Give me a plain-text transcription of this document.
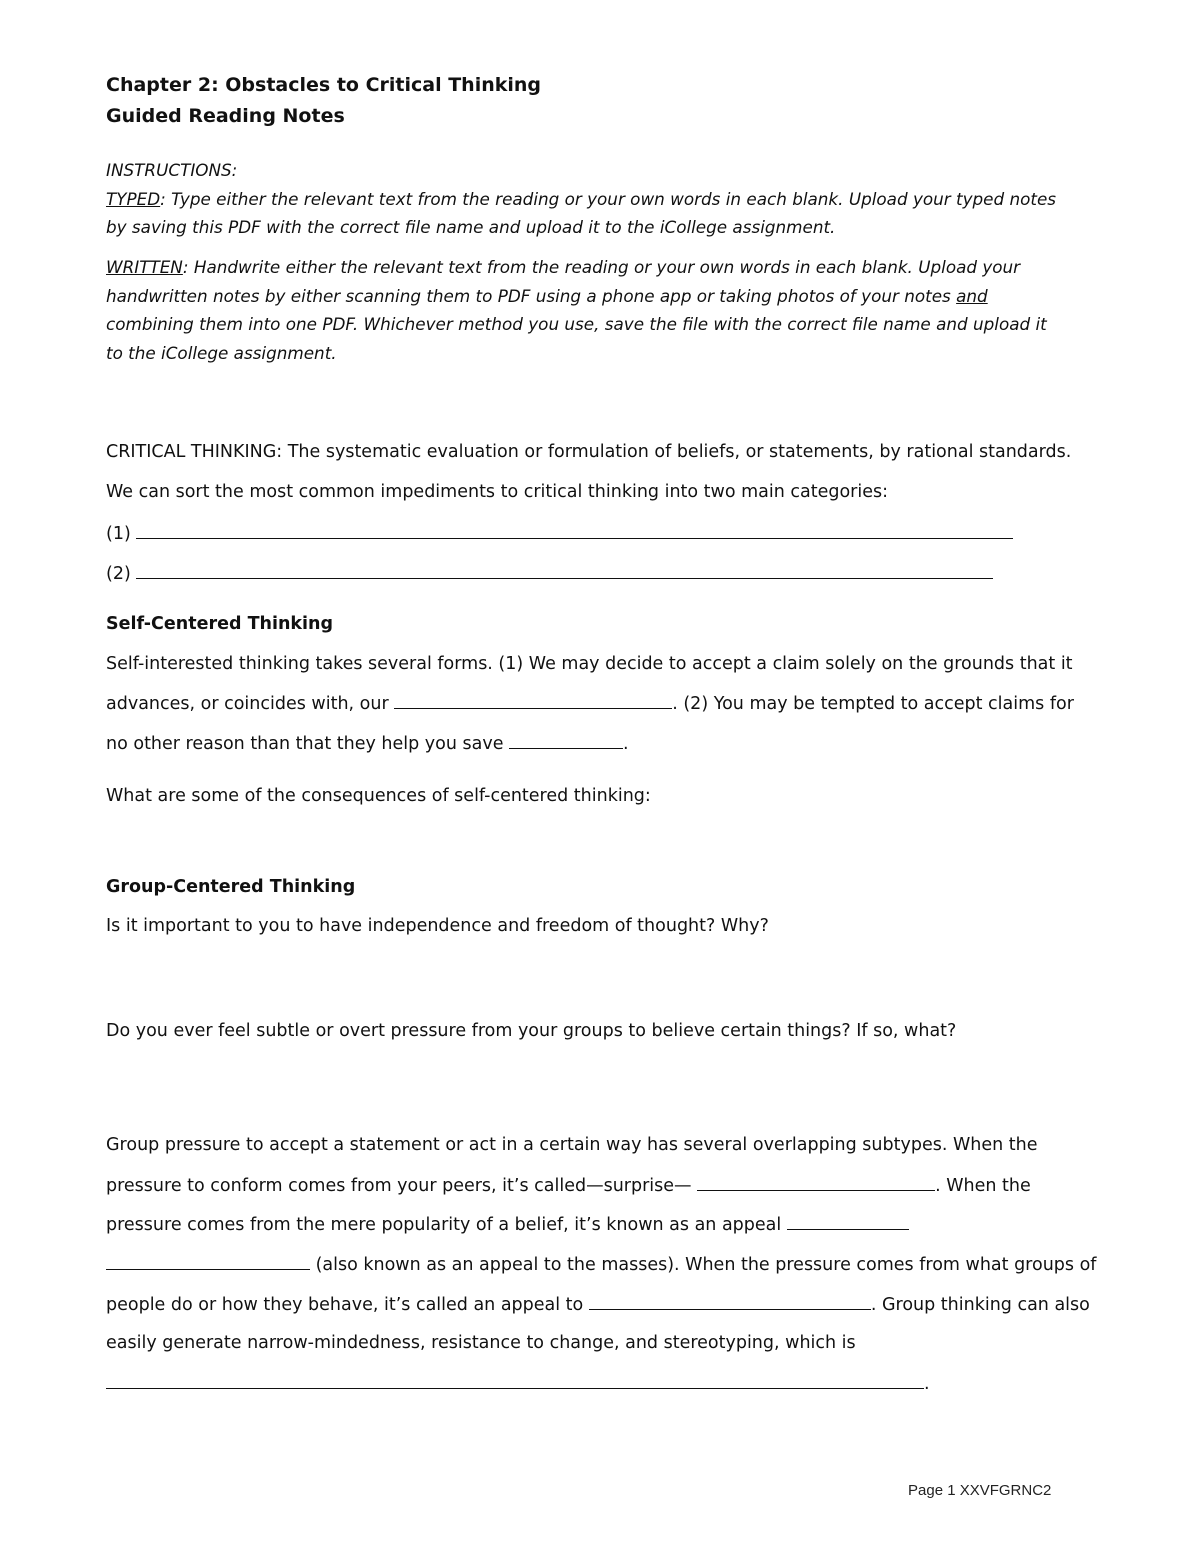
Chapter 2: Obstacles to Critical Thinking
Guided Reading Notes
INSTRUCTIONS:
TYPED: Type either the relevant text from the reading or your own words in each blank. Upload your typed notes
by saving this PDF with the correct file name and upload it to the iCollege assignment.
WRITTEN: Handwrite either the relevant text from the reading or your own words in each blank. Upload your
handwritten notes by either scanning them to PDF using a phone app or taking photos of your notes and
combining them into one PDF. Whichever method you use, save the file with the correct file name and upload it
to the iCollege assignment.
CRITICAL THINKING: The systematic evaluation or formulation of beliefs, or statements, by rational standards.
We can sort the most common impediments to critical thinking into two main categories:
(1)
(2)
Self-Centered Thinking
Self-interested thinking takes several forms. (1) We may decide to accept a claim solely on the grounds that it
advances, or coincides with, our	. (2) You may be tempted to accept claims for
no other reason than that they help you save	.
What are some of the consequences of self-centered thinking:
Group-Centered Thinking
Is it important to you to have independence and freedom of thought? Why?
Do you ever feel subtle or overt pressure from your groups to believe certain things? If so, what?
Group pressure to accept a statement or act in a certain way has several overlapping subtypes. When the
pressure to conform comes from your peers, it’s called—surprise—	. When the
pressure comes from the mere popularity of a belief, it’s known as an appeal
(also known as an appeal to the masses). When the pressure comes from what groups of
people do or how they behave, it’s called an appeal to	. Group thinking can also
easily generate narrow-mindedness, resistance to change, and stereotyping, which is
.
Page 1 XXVFGRNC2
